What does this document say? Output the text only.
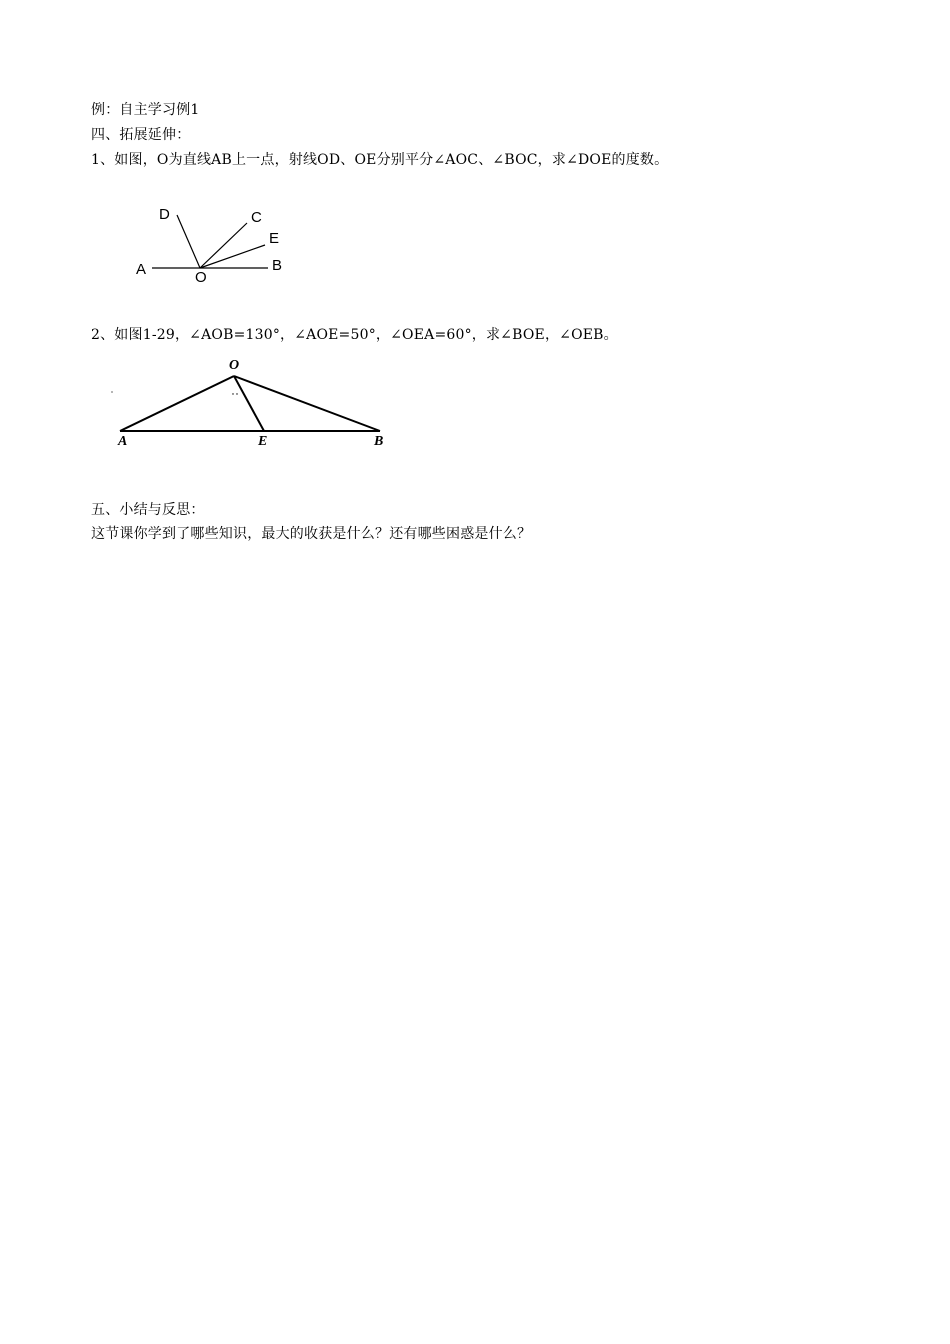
例：自主学习例1
四、拓展延伸：
1、如图，O为直线AB上一点，射线OD、OE分别平分∠AOC、∠BOC，求∠DOE的度数。
A	O
B
D	C
E
2、如图1-29，∠AOB=130°，∠AOE=50°，∠OEA=60°，求∠BOE，∠OEB。
O
A	E	B
五、小结与反思：
这节课你学到了哪些知识，最大的收获是什么？还有哪些困惑是什么？
